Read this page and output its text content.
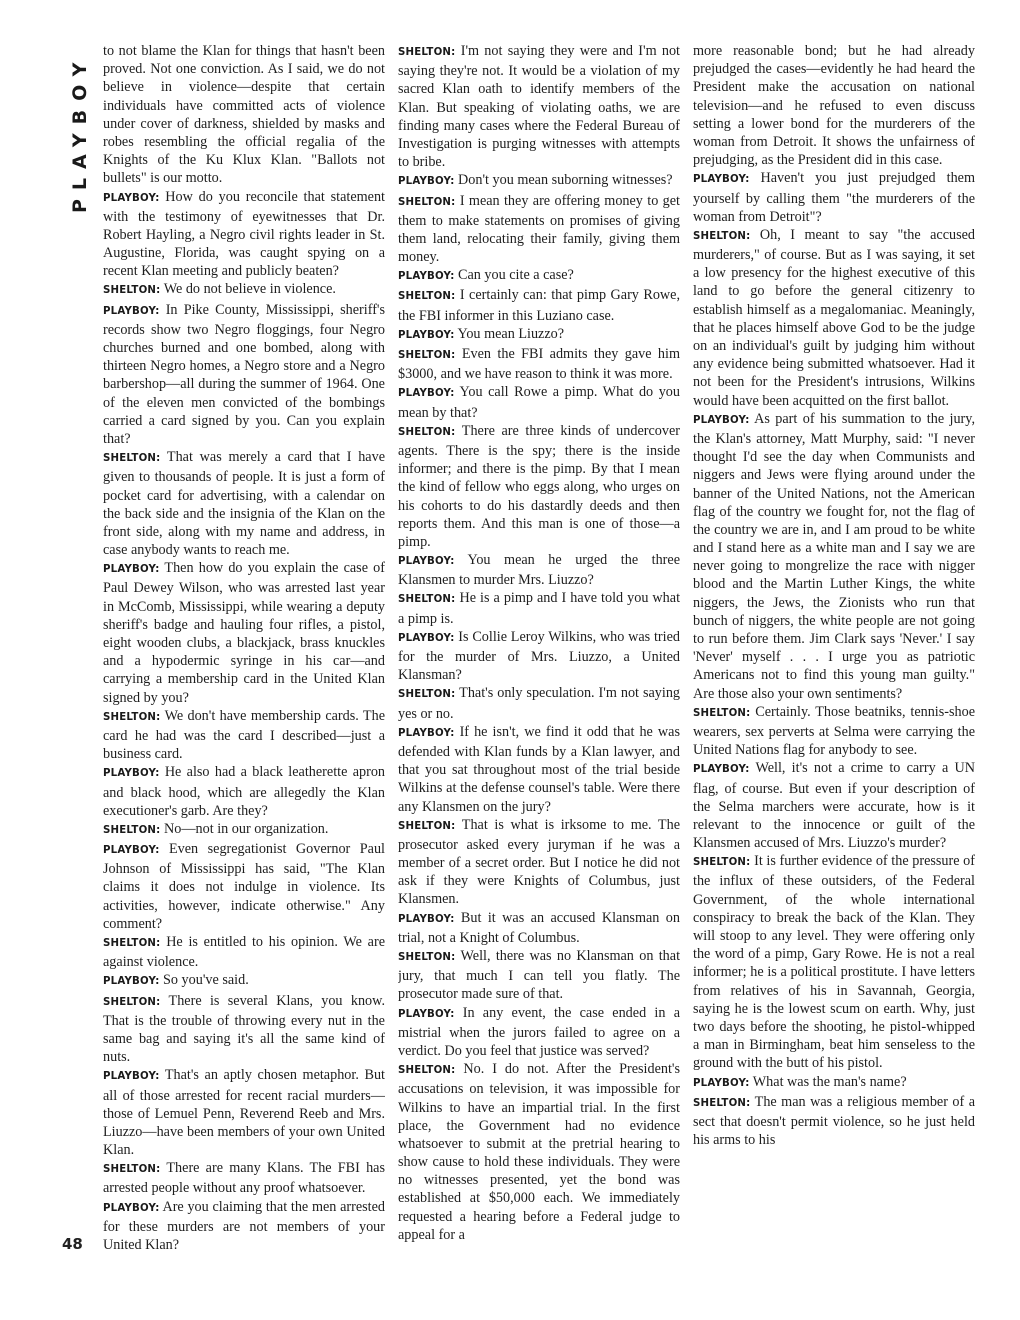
PLAYBOY

to not blame the Klan for things that hasn't been proved. Not one conviction. As I said, we do not believe in violence—despite that certain individuals have committed acts of violence under cover of darkness, shielded by masks and robes resembling the official regalia of the Knights of the Ku Klux Klan. "Ballots not bullets" is our motto.

PLAYBOY: How do you reconcile that statement with the testimony of eyewitnesses that Dr. Robert Hayling, a Negro civil rights leader in St. Augustine, Florida, was caught spying on a recent Klan meeting and publicly beaten?

SHELTON: We do not believe in violence.

PLAYBOY: In Pike County, Mississippi, sheriff's records show two Negro floggings, four Negro churches burned and one bombed, along with thirteen Negro homes, a Negro store and a Negro barbershop—all during the summer of 1964. One of the eleven men convicted of the bombings carried a card signed by you. Can you explain that?

SHELTON: That was merely a card that I have given to thousands of people. It is just a form of pocket card for advertising, with a calendar on the back side and the insignia of the Klan on the front side, along with my name and address, in case anybody wants to reach me.

PLAYBOY: Then how do you explain the case of Paul Dewey Wilson, who was arrested last year in McComb, Mississippi, while wearing a deputy sheriff's badge and hauling four rifles, a pistol, eight wooden clubs, a blackjack, brass knuckles and a hypodermic syringe in his car—and carrying a membership card in the United Klan signed by you?

SHELTON: We don't have membership cards. The card he had was the card I described—just a business card.

PLAYBOY: He also had a black leatherette apron and black hood, which are allegedly the Klan executioner's garb. Are they?

SHELTON: No—not in our organization.

PLAYBOY: Even segregationist Governor Paul Johnson of Mississippi has said, "The Klan claims it does not indulge in violence. Its activities, however, indicate otherwise." Any comment?

SHELTON: He is entitled to his opinion. We are against violence.

PLAYBOY: So you've said.

SHELTON: There is several Klans, you know. That is the trouble of throwing every nut in the same bag and saying it's all the same kind of nuts.

PLAYBOY: That's an aptly chosen metaphor. But all of those arrested for recent racial murders—those of Lemuel Penn, Reverend Reeb and Mrs. Liuzzo—have been members of your own United Klan.

SHELTON: There are many Klans. The FBI has arrested people without any proof whatsoever.

PLAYBOY: Are you claiming that the men arrested for these murders are not members of your United Klan?

SHELTON: I'm not saying they were and I'm not saying they're not. It would be a violation of my sacred Klan oath to identify members of the Klan. But speaking of violating oaths, we are finding many cases where the Federal Bureau of Investigation is purging witnesses with attempts to bribe.

PLAYBOY: Don't you mean suborning witnesses?

SHELTON: I mean they are offering money to get them to make statements on promises of giving them land, relocating their family, giving them money.

PLAYBOY: Can you cite a case?

SHELTON: I certainly can: that pimp Gary Rowe, the FBI informer in this Luziano case.

PLAYBOY: You mean Liuzzo?

SHELTON: Even the FBI admits they gave him $3000, and we have reason to think it was more.

PLAYBOY: You call Rowe a pimp. What do you mean by that?

SHELTON: There are three kinds of undercover agents. There is the spy; there is the inside informer; and there is the pimp. By that I mean the kind of fellow who eggs along, who urges on his cohorts to do his dastardly deeds and then reports them. And this man is one of those—a pimp.

PLAYBOY: You mean he urged the three Klansmen to murder Mrs. Liuzzo?

SHELTON: He is a pimp and I have told you what a pimp is.

PLAYBOY: Is Collie Leroy Wilkins, who was tried for the murder of Mrs. Liuzzo, a United Klansman?

SHELTON: That's only speculation. I'm not saying yes or no.

PLAYBOY: If he isn't, we find it odd that he was defended with Klan funds by a Klan lawyer, and that you sat throughout most of the trial beside Wilkins at the defense counsel's table. Were there any Klansmen on the jury?

SHELTON: That is what is irksome to me. The prosecutor asked every juryman if he was a member of a secret order. But I notice he did not ask if they were Knights of Columbus, just Klansmen.

PLAYBOY: But it was an accused Klansman on trial, not a Knight of Columbus.

SHELTON: Well, there was no Klansman on that jury, that much I can tell you flatly. The prosecutor made sure of that.

PLAYBOY: In any event, the case ended in a mistrial when the jurors failed to agree on a verdict. Do you feel that justice was served?

SHELTON: No. I do not. After the President's accusations on television, it was impossible for Wilkins to have an impartial trial. In the first place, the Government had no evidence whatsoever to submit at the pretrial hearing to show cause to hold these individuals. They were no witnesses presented, yet the bond was established at $50,000 each. We immediately requested a hearing before a Federal judge to appeal for a

more reasonable bond; but he had already prejudged the cases—evidently he had heard the President make the accusation on national television—and he refused to even discuss setting a lower bond for the murderers of the woman from Detroit. It shows the unfairness of prejudging, as the President did in this case.

PLAYBOY: Haven't you just prejudged them yourself by calling them "the murderers of the woman from Detroit"?

SHELTON: Oh, I meant to say "the accused murderers," of course. But as I was saying, it set a low presency for the highest executive of this land to go before the general citizenry to establish himself as a megalomaniac. Meaningly, that he places himself above God to be the judge on an individual's guilt by judging him without any evidence being submitted whatsoever. Had it not been for the President's intrusions, Wilkins would have been acquitted on the first ballot.

PLAYBOY: As part of his summation to the jury, the Klan's attorney, Matt Murphy, said: "I never thought I'd see the day when Communists and niggers and Jews were flying around under the banner of the United Nations, not the American flag of the country we fought for, not the flag of the country we are in, and I am proud to be white and I stand here as a white man and I say we are never going to mongrelize the race with nigger blood and the Martin Luther Kings, the white niggers, the Jews, the Zionists who run that bunch of niggers, the white people are not going to run before them. Jim Clark says 'Never.' I say 'Never' myself . . . I urge you as patriotic Americans not to find this young man guilty." Are those also your own sentiments?

SHELTON: Certainly. Those beatniks, tennis-shoe wearers, sex perverts at Selma were carrying the United Nations flag for anybody to see.

PLAYBOY: Well, it's not a crime to carry a UN flag, of course. But even if your description of the Selma marchers were accurate, how is it relevant to the innocence or guilt of the Klansmen accused of Mrs. Liuzzo's murder?

SHELTON: It is further evidence of the pressure of the influx of these outsiders, of the Federal Government, of the whole international conspiracy to break the back of the Klan. They will stoop to any level. They were offering only the word of a pimp, Gary Rowe. He is not a real informer; he is a political prostitute. I have letters from relatives of his in Savannah, Georgia, saying he is the lowest scum on earth. Why, just two days before the shooting, he pistol-whipped a man in Birmingham, beat him senseless to the ground with the butt of his pistol.

PLAYBOY: What was the man's name?

SHELTON: The man was a religious member of a sect that doesn't permit violence, so he just held his arms to his

48
